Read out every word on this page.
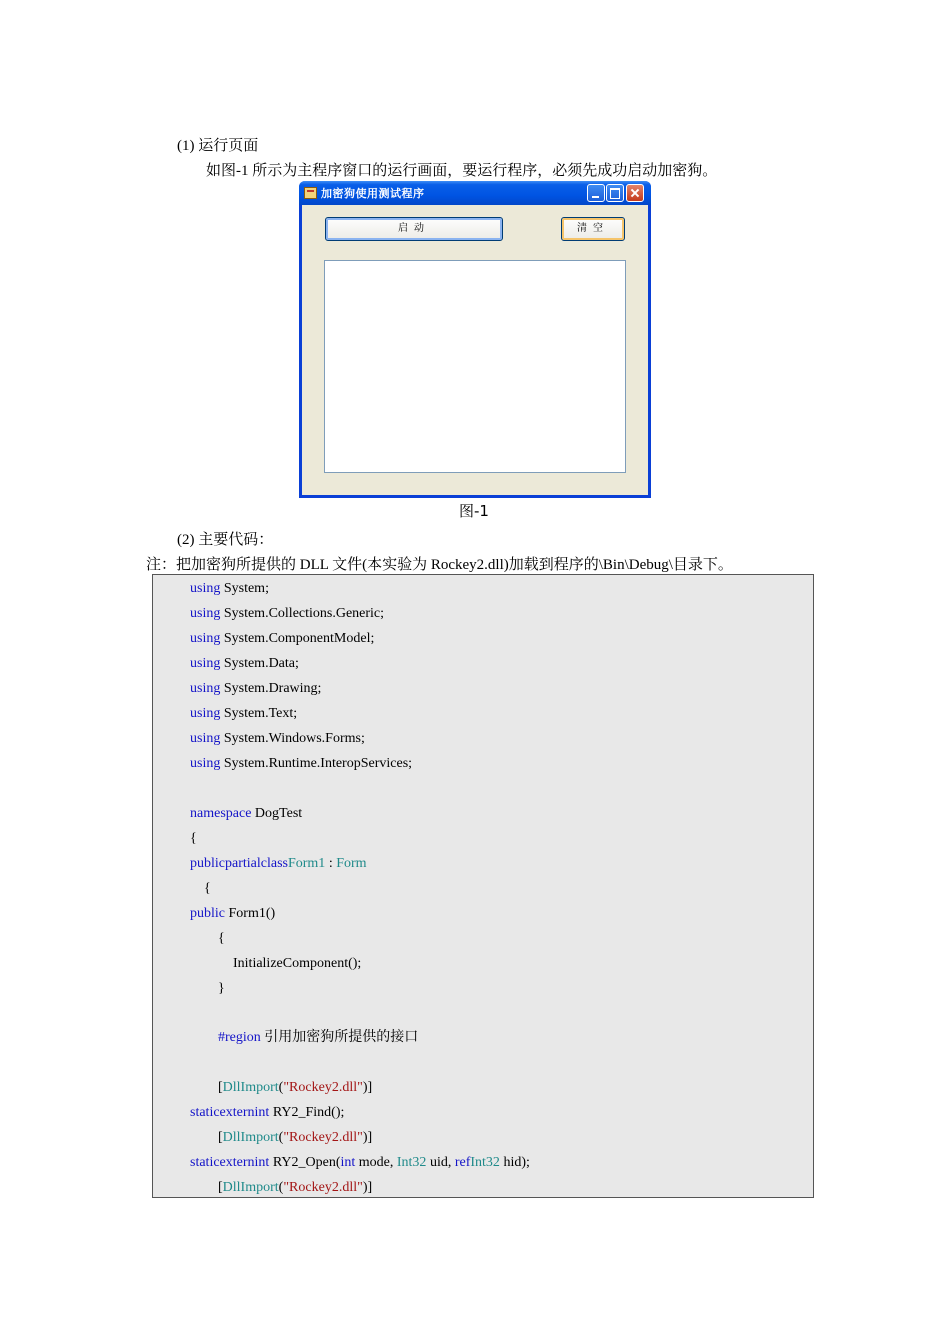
(1) 运行页面
如图-1 所示为主程序窗口的运行画面，要运行程序，必须先成功启动加密狗。
加密狗使用测试程序
启动	清空
图-1
(2) 主要代码：
注：把加密狗所提供的 DLL 文件(本实验为 Rockey2.dll)加载到程序的\Bin\Debug\目录下。
using System;
using System.Collections.Generic;
using System.ComponentModel;
using System.Data;
using System.Drawing;
using System.Text;
using System.Windows.Forms;
using System.Runtime.InteropServices;
namespace DogTest
{
publicpartialclassForm1 : Form
{
public Form1()
{
InitializeComponent();
}
#region 引用加密狗所提供的接口
[DllImport("Rockey2.dll")]
staticexternint RY2_Find();
[DllImport("Rockey2.dll")]
staticexternint RY2_Open(int mode, Int32 uid, refInt32 hid);
[DllImport("Rockey2.dll")]
